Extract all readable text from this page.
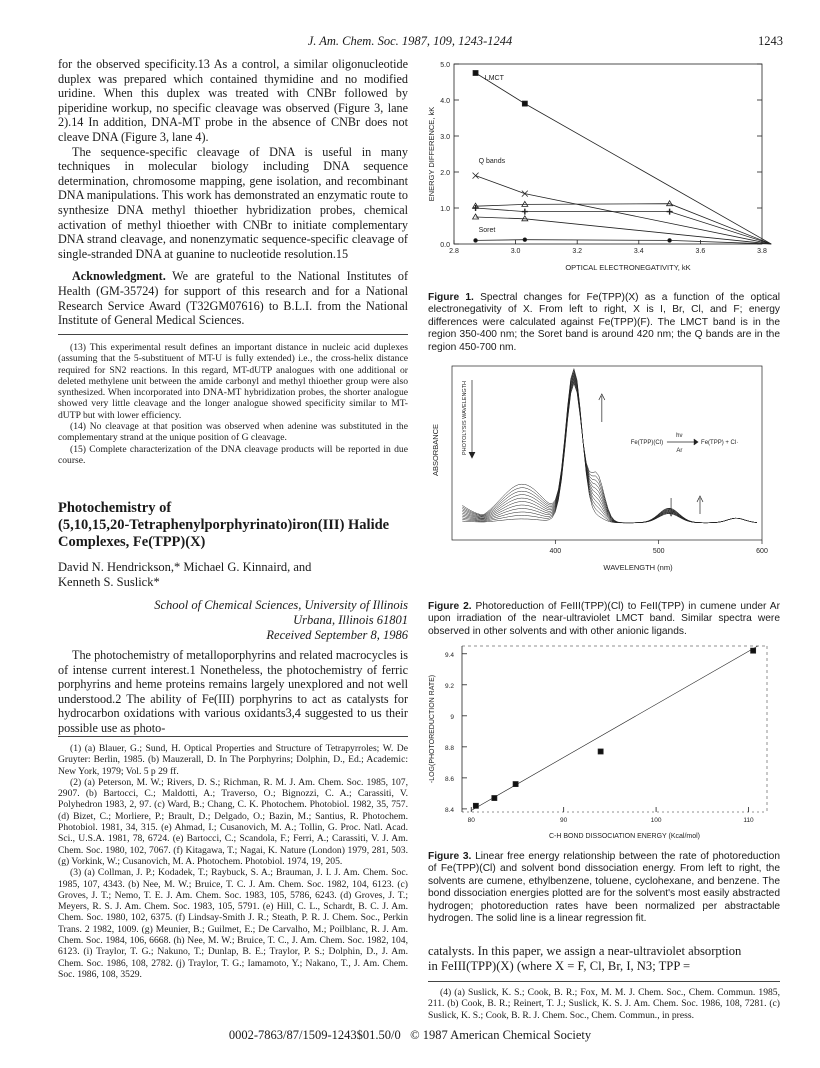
J. Am. Chem. Soc. 1987, 109, 1243-1244	1243

for the observed specificity.13 As a control, a similar oligonucleotide duplex was prepared which contained thymidine and no modified uridine. When this duplex was treated with CNBr followed by piperidine workup, no specific cleavage was observed (Figure 3, lane 2).14 In addition, DNA-MT probe in the absence of CNBr does not cleave DNA (Figure 3, lane 4).

The sequence-specific cleavage of DNA is useful in many techniques in molecular biology including DNA sequence determination, chromosome mapping, gene isolation, and recombinant DNA manipulations. This work has demonstrated an enzymatic route to synthesize DNA methyl thioether hybridization probes, chemical activation of methyl thioether with CNBr to initiate complementary DNA strand cleavage, and nonenzymatic sequence-specific cleavage of single-stranded DNA at guanine to nucleotide resolution.15

Acknowledgment. We are grateful to the National Institutes of Health (GM-35724) for support of this research and for a National Research Service Award (T32GM07616) to B.L.I. from the National Institute of General Medical Sciences.

(13) This experimental result defines an important distance in nucleic acid duplexes (assuming that the 5-substituent of MT-U is fully extended) i.e., the cross-helix distance required for SN2 reactions. In this regard, MT-dUTP analogues with one additional or deleted methylene unit between the amide carbonyl and methyl thioether group were also synthesized. When incorporated into DNA-MT hybridization probes, the shorter analogue showed very little cleavage and the longer analogue showed specificity similar to MT-dUTP but with lower efficiency.

(14) No cleavage at that position was observed when adenine was substituted in the complementary strand at the unique position of G cleavage.

(15) Complete characterization of the DNA cleavage products will be reported in due course.

Photochemistry of
(5,10,15,20-Tetraphenylporphyrinato)iron(III) Halide
Complexes, Fe(TPP)(X)
David N. Hendrickson,* Michael G. Kinnaird, and
Kenneth S. Suslick*
School of Chemical Sciences, University of Illinois
Urbana, Illinois 61801
Received September 8, 1986

The photochemistry of metalloporphyrins and related macrocycles is of intense current interest.1 Nonetheless, the photochemistry of ferric porphyrins and heme proteins remains largely unexplored and not well understood.2 The ability of Fe(III) porphyrins to act as catalysts for hydrocarbon oxidations with various oxidants3,4 suggested to us their possible use as photo-

(1) (a) Blauer, G.; Sund, H. Optical Properties and Structure of Tetrapyrroles; W. De Gruyter: Berlin, 1985. (b) Mauzerall, D. In The Porphyrins; Dolphin, D., Ed.; Academic: New York, 1979; Vol. 5 p 29 ff.

(2) (a) Peterson, M. W.; Rivers, D. S.; Richman, R. M. J. Am. Chem. Soc. 1985, 107, 2907. (b) Bartocci, C.; Maldotti, A.; Traverso, O.; Bignozzi, C. A.; Carassiti, V. Polyhedron 1983, 2, 97. (c) Ward, B.; Chang, C. K. Photochem. Photobiol. 1982, 35, 757. (d) Bizet, C.; Morliere, P.; Brault, D.; Delgado, O.; Bazin, M.; Santius, R. Photochem. Photobiol. 1981, 34, 315. (e) Ahmad, I.; Cusanovich, M. A.; Tollin, G. Proc. Natl. Acad. Sci., U.S.A. 1981, 78, 6724. (e) Bartocci, C.; Scandola, F.; Ferri, A.; Carassiti, V. J. Am. Chem. Soc. 1980, 102, 7067. (f) Kitagawa, T.; Nagai, K. Nature (London) 1979, 281, 503. (g) Vorkink, W.; Cusanovich, M. A. Photochem. Photobiol. 1974, 19, 205.

(3) (a) Collman, J. P.; Kodadek, T.; Raybuck, S. A.; Brauman, J. I. J. Am. Chem. Soc. 1985, 107, 4343. (b) Nee, M. W.; Bruice, T. C. J. Am. Chem. Soc. 1982, 104, 6123. (c) Groves, J. T.; Nemo, T. E. J. Am. Chem. Soc. 1983, 105, 5786, 6243. (d) Groves, J. T.; Meyers, R. S. J. Am. Chem. Soc. 1983, 105, 5791. (e) Hill, C. L., Schardt, B. C. J. Am. Chem. Soc. 1980, 102, 6375. (f) Lindsay-Smith J. R.; Steath, P. R. J. Chem. Soc., Perkin Trans. 2 1982, 1009. (g) Meunier, B.; Guilmet, E.; De Carvalho, M.; Poilblanc, R. J. Am. Chem. Soc. 1984, 106, 6668. (h) Nee, M. W.; Bruice, T. C., J. Am. Chem. Soc. 1982, 104, 6123. (i) Traylor, T. G.; Nakuno, T.; Dunlap, B. E.; Traylor, P. S.; Dolphin, D., J. Am. Chem. Soc. 1986, 108, 2782. (j) Traylor, T. G.; Iamamoto, Y.; Nakano, T., J. Am. Chem. Soc. 1986, 108, 3529.

0.0
1.0
2.0
3.0
4.0
5.0
2.8	3.0	3.2	3.4	3.6	3.8
OPTICAL ELECTRONEGATIVITY, kK
ENERGY DIFFERENCE, kK
LMCT
Q bands
Soret
Figure 1. Spectral changes for Fe(TPP)(X) as a function of the optical electronegativity of X. From left to right, X is I, Br, Cl, and F; energy differences were calculated against Fe(TPP)(F). The LMCT band is in the region 350-400 nm; the Soret band is around 420 nm; the Q bands are in the region 450-700 nm.
400	500	600
WAVELENGTH (nm)
ABSORBANCE	PHOTOLYSIS WAVELENGTH	Fe(TPP)(Cl)
hν
Ar
Fe(TPP) + Cl·
Figure 2. Photoreduction of FeIII(TPP)(Cl) to FeII(TPP) in cumene under Ar upon irradiation of the near-ultraviolet LMCT band. Similar spectra were observed in other solvents and with other anionic ligands.
8.4
8.6
8.8
9
9.2
9.4
80	90	100	110
C-H BOND DISSOCIATION ENERGY (Kcal/mol)
-LOG(PHOTOREDUCTION RATE)
Figure 3. Linear free energy relationship between the rate of photoreduction of Fe(TPP)(Cl) and solvent bond dissociation energy. From left to right, the solvents are cumene, ethylbenzene, toluene, cyclohexane, and benzene. The bond dissociation energies plotted are for the solvent's most easily abstracted hydrogen; photoreduction rates have been normalized per abstractable hydrogen. The solid line is a linear regression fit.

catalysts. In this paper, we assign a near-ultraviolet absorption

in FeIII(TPP)(X) (where X = F, Cl, Br, I, N3; TPP =

(4) (a) Suslick, K. S.; Cook, B. R.; Fox, M. M. J. Chem. Soc., Chem. Commun. 1985, 211. (b) Cook, B. R.; Reinert, T. J.; Suslick, K. S. J. Am. Chem. Soc. 1986, 108, 7281. (c) Suslick, K. S.; Cook, B. R. J. Chem. Soc., Chem. Commun., in press.

0002-7863/87/1509-1243$01.50/0 © 1987 American Chemical Society
